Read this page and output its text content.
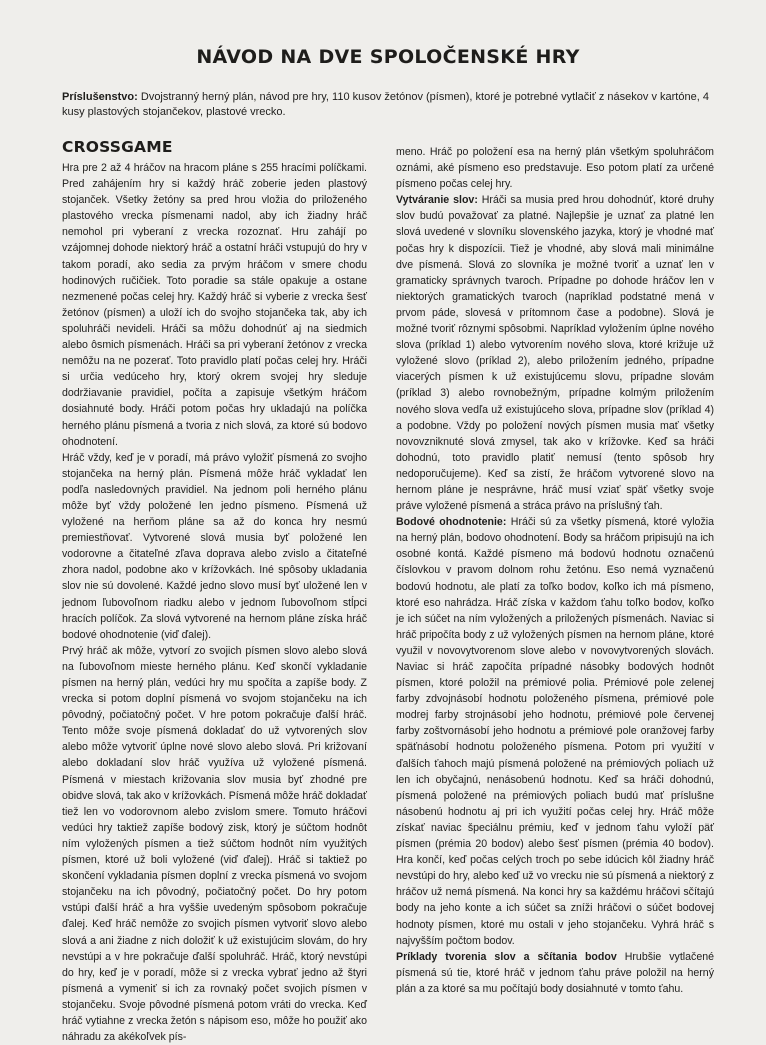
NÁVOD NA DVE SPOLOČENSKÉ HRY

Príslušenstvo: Dvojstranný herný plán, návod pre hry, 110 kusov žetónov (písmen), ktoré je potrebné vytlačiť z násekov v kartóne, 4 kusy plastových stojančekov, plastové vrecko.

CROSSGAME

Hra pre 2 až 4 hráčov na hracom pláne s 255 hracími políčkami. Pred zahájením hry si každý hráč zoberie jeden plastový stojanček. Všetky žetóny sa pred hrou vložia do priloženého plastového vrecka písmenami nadol, aby ich žiadny hráč nemohol pri vyberaní z vrecka rozoznať. Hru zahájí po vzájomnej dohode niektorý hráč a ostatní hráči vstupujú do hry v takom poradí, ako sedia za prvým hráčom v smere chodu hodinových ručičiek. Toto poradie sa stále opakuje a ostane nezmenené počas celej hry. Každý hráč si vyberie z vrecka šesť žetónov (písmen) a uloží ich do svojho stojančeka tak, aby ich spoluhráči nevideli. Hráči sa môžu dohodnúť aj na siedmich alebo ôsmich písmenách. Hráči sa pri vyberaní žetónov z vrecka nemôžu na ne pozerať. Toto pravidlo platí počas celej hry. Hráči si určia vedúceho hry, ktorý okrem svojej hry sleduje dodržiavanie pravidiel, počíta a zapisuje všetkým hráčom dosiahnuté body. Hráči potom počas hry ukladajú na políčka herného plánu písmená a tvoria z nich slová, za ktoré sú bodovo ohodnotení.

Hráč vždy, keď je v poradí, má právo vyložiť písmená zo svojho stojančeka na herný plán. Písmená môže hráč vykladať len podľa nasledovných pravidiel. Na jednom poli herného plánu môže byť vždy položené len jedno písmeno. Písmená už vyložené na herňom pláne sa až do konca hry nesmú premiestňovať. Vytvorené slová musia byť položené len vodorovne a čitateľné zľava doprava alebo zvislo a čitateľné zhora nadol, podobne ako v krížovkách. Iné spôsoby ukladania slov nie sú dovolené. Každé jedno slovo musí byť uložené len v jednom ľubovoľnom riadku alebo v jednom ľubovoľnom stĺpci hracích políčok. Za slová vytvorené na hernom pláne získa hráč bodové ohodnotenie (viď ďalej).

Prvý hráč ak môže, vytvorí zo svojich písmen slovo alebo slová na ľubovoľnom mieste herného plánu. Keď skončí vykladanie písmen na herný plán, vedúci hry mu spočíta a zapíše body. Z vrecka si potom doplní písmená vo svojom stojančeku na ich pôvodný, počiatočný počet. V hre potom pokračuje ďalší hráč. Tento môže svoje písmená dokladať do už vytvorených slov alebo môže vytvoriť úplne nové slovo alebo slová. Pri križovaní alebo dokladaní slov hráč využíva už vyložené písmená. Písmená v miestach križovania slov musia byť zhodné pre obidve slová, tak ako v krížovkách. Písmená môže hráč dokladať tiež len vo vodorovnom alebo zvislom smere. Tomuto hráčovi vedúci hry taktiež zapíše bodový zisk, ktorý je súčtom hodnôt ním vyložených písmen a tiež súčtom hodnôt ním využitých písmen, ktoré už boli vyložené (viď ďalej). Hráč si taktiež po skončení vykladania písmen doplní z vrecka písmená vo svojom stojančeku na ich pôvodný, počiatočný počet. Do hry potom vstúpi ďalší hráč a hra vyššie uvedeným spôsobom pokračuje ďalej. Keď hráč nemôže zo svojich písmen vytvoriť slovo alebo slová a ani žiadne z nich doložiť k už existujúcim slovám, do hry nevstúpi a v hre pokračuje ďalší spoluhráč. Hráč, ktorý nevstúpi do hry, keď je v poradí, môže si z vrecka vybrať jedno až štyri písmená a vymeniť si ich za rovnaký počet svojich písmen v stojančeku. Svoje pôvodné písmená potom vráti do vrecka. Keď hráč vytiahne z vrecka žetón s nápisom eso, môže ho použiť ako náhradu za akékoľvek pís-

meno. Hráč po položení esa na herný plán všetkým spoluhráčom oznámi, aké písmeno eso predstavuje. Eso potom platí za určené písmeno počas celej hry.

Vytváranie slov: Hráči sa musia pred hrou dohodnúť, ktoré druhy slov budú považovať za platné. Najlepšie je uznať za platné len slová uvedené v slovníku slovenského jazyka, ktorý je vhodné mať počas hry k dispozícii. Tiež je vhodné, aby slová mali minimálne dve písmená. Slová zo slovníka je možné tvoriť a uznať len v gramaticky správnych tvaroch. Prípadne po dohode hráčov len v niektorých gramatických tvaroch (napríklad podstatné mená v prvom páde, slovesá v prítomnom čase a podobne). Slová je možné tvoriť rôznymi spôsobmi. Napríklad vyložením úplne nového slova (príklad 1) alebo vytvorením nového slova, ktoré križuje už vyložené slovo (príklad 2), alebo priložením jedného, prípadne viacerých písmen k už existujúcemu slovu, prípadne slovám (príklad 3) alebo rovnobežným, prípadne kolmým priložením nového slova vedľa už existujúceho slova, prípadne slov (príklad 4) a podobne. Vždy po položení nových písmen musia mať všetky novovzniknuté slová zmysel, tak ako v krížovke. Keď sa hráči dohodnú, toto pravidlo platiť nemusí (tento spôsob hry nedoporučujeme). Keď sa zistí, že hráčom vytvorené slovo na hernom pláne je nesprávne, hráč musí vziať späť všetky svoje práve vyložené písmená a stráca právo na príslušný ťah.

Bodové ohodnotenie: Hráči sú za všetky písmená, ktoré vyložia na herný plán, bodovo ohodnotení. Body sa hráčom pripisujú na ich osobné kontá. Každé písmeno má bodovú hodnotu označenú číslovkou v pravom dolnom rohu žetónu. Eso nemá vyznačenú bodovú hodnotu, ale platí za toľko bodov, koľko ich má písmeno, ktoré eso nahrádza. Hráč získa v každom ťahu toľko bodov, koľko je ich súčet na ním vyložených a priložených písmenách. Naviac si hráč pripočíta body z už vyložených písmen na hernom pláne, ktoré využil v novovytvorenom slove alebo v novovytvorených slovách. Naviac si hráč započíta prípadné násobky bodových hodnôt písmen, ktoré položil na prémiové polia. Prémiové pole zelenej farby zdvojnásobí hodnotu položeného písmena, prémiové pole modrej farby strojnásobí jeho hodnotu, prémiové pole červenej farby zoštvornásobí jeho hodnotu a prémiové pole oranžovej farby späťnásobí hodnotu položeného písmena. Potom pri využití v ďalších ťahoch majú písmená položené na prémiových poliach už len ich obyčajnú, nenásobenú hodnotu. Keď sa hráči dohodnú, písmená položené na prémiových poliach budú mať príslušne násobenú hodnotu aj pri ich využití počas celej hry. Hráč môže získať naviac špeciálnu prémiu, keď v jednom ťahu vyloží päť písmen (prémia 20 bodov) alebo šesť písmen (prémia 40 bodov). Hra končí, keď počas celých troch po sebe idúcich kôl žiadny hráč nevstúpi do hry, alebo keď už vo vrecku nie sú písmená a niektorý z hráčov už nemá písmená. Na konci hry sa každému hráčovi sčítajú body na jeho konte a ich súčet sa zníži hráčovi o súčet bodovej hodnoty písmen, ktoré mu ostali v jeho stojančeku. Vyhrá hráč s najvyšším počtom bodov.

Príklady tvorenia slov a sčítania bodov Hrubšie vytlačené písmená sú tie, ktoré hráč v jednom ťahu práve položil na herný plán a za ktoré sa mu počítajú body dosiahnuté v tomto ťahu.
